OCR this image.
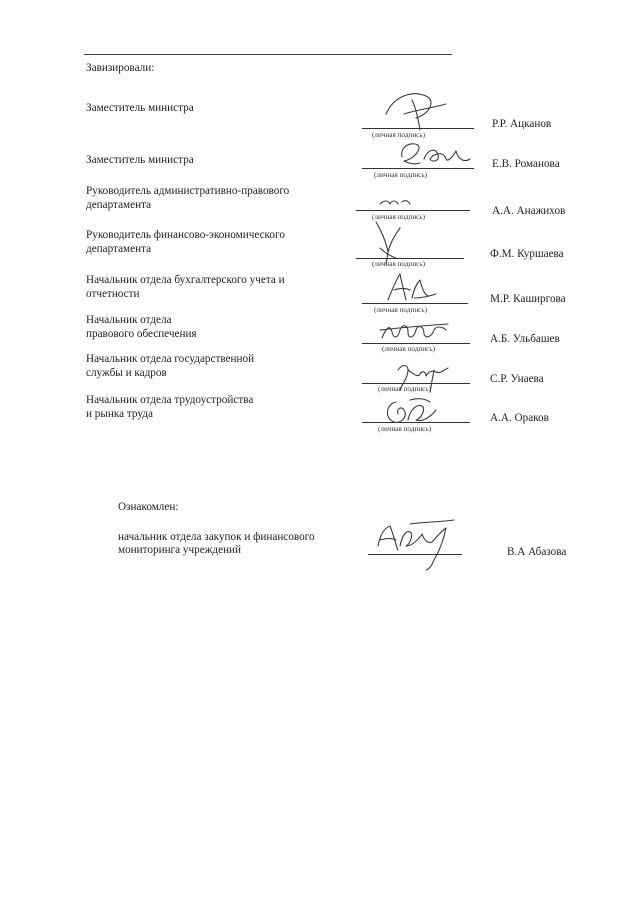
Завизировали:
Заместитель министра
(личная подпись)
Р.Р. Ацканов
Заместитель министра
(личная подпись)
Е.В. Романова
Руководитель административно-правового
департамента
(личная подпись)	А.А. Анажихов
Руководитель финансово-экономического
департамента
(личная подпись)
Ф.М. Куршаева
Начальник отдела бухгалтерского учета и
отчетности
(личная подпись)
М.Р. Каширгова
Начальник отдела
правового обеспечения
(личная подпись)
А.Б. Ульбашев
Начальник отдела государственной
службы и кадров
(личная подпись)
С.Р. Унаева
Начальник отдела трудоустройства
и рынка труда
(личная подпись)
А.А. Ораков
Ознакомлен:
начальник отдела закупок и финансового
мониторинга учреждений	В.А Абазова
